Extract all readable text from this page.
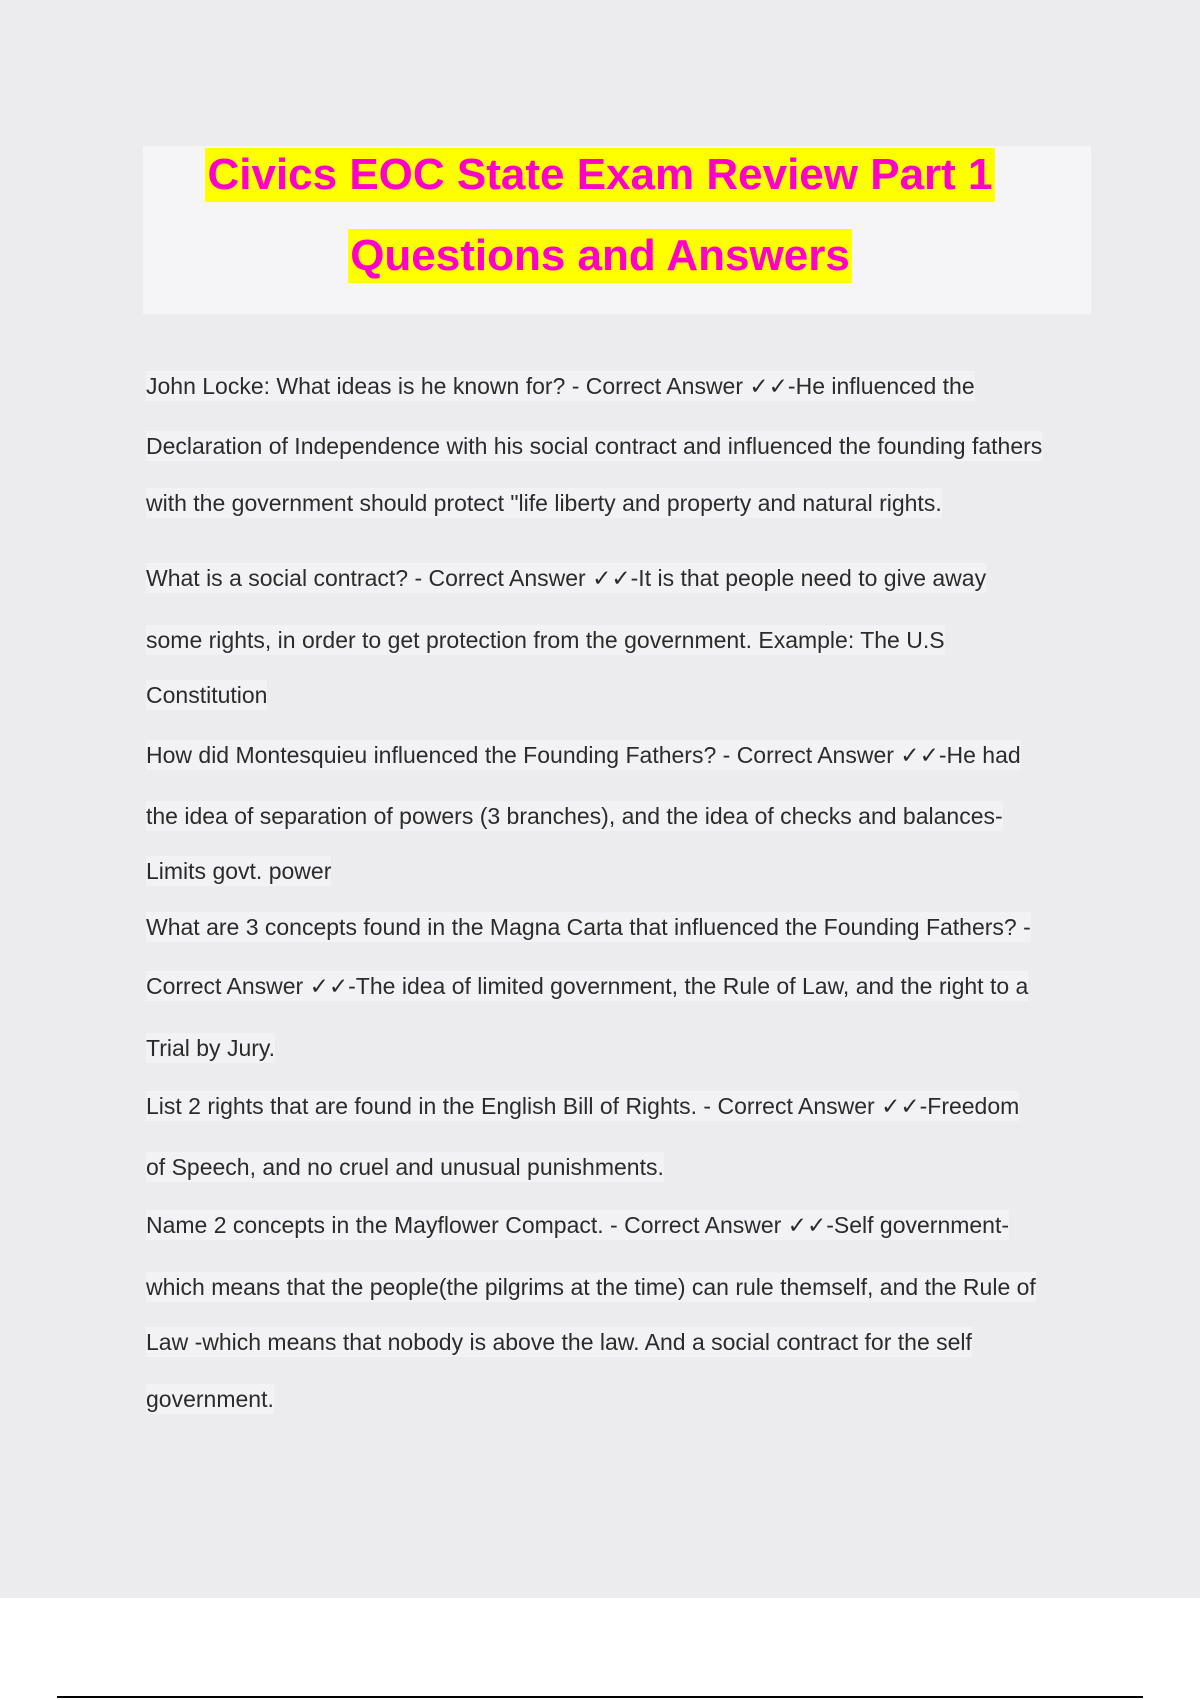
Civics EOC State Exam Review Part 1
Questions and Answers
John Locke: What ideas is he known for? - Correct Answer ✓✓-He influenced the
Declaration of Independence with his social contract and influenced the founding fathers
with the government should protect "life liberty and property and natural rights.
What is a social contract? - Correct Answer ✓✓-It is that people need to give away
some rights, in order to get protection from the government. Example: The U.S
Constitution
How did Montesquieu influenced the Founding Fathers? - Correct Answer ✓✓-He had
the idea of separation of powers (3 branches), and the idea of checks and balances-
Limits govt. power
What are 3 concepts found in the Magna Carta that influenced the Founding Fathers? -
Correct Answer ✓✓-The idea of limited government, the Rule of Law, and the right to a
Trial by Jury.
List 2 rights that are found in the English Bill of Rights. - Correct Answer ✓✓-Freedom
of Speech, and no cruel and unusual punishments.
Name 2 concepts in the Mayflower Compact. - Correct Answer ✓✓-Self government-
which means that the people(the pilgrims at the time) can rule themself, and the Rule of
Law -which means that nobody is above the law. And a social contract for the self
government.
